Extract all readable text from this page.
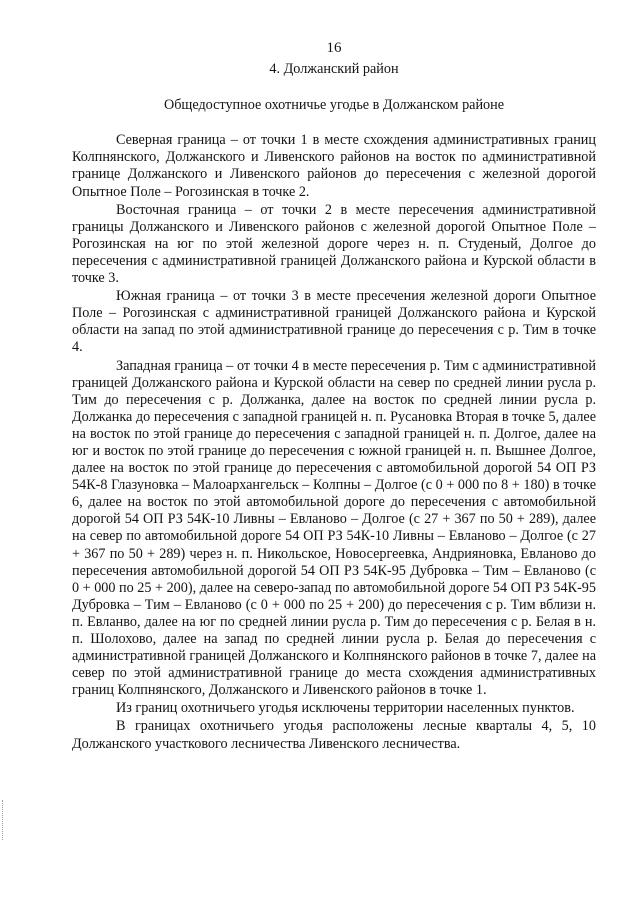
16
4. Должанский район
Общедоступное охотничье угодье в Должанском районе

Северная граница – от точки 1 в месте схождения административных границ Колпнянского, Должанского и Ливенского районов на восток по административной границе Должанского и Ливенского районов до пересечения с железной дорогой Опытное Поле – Рогозинская в точке 2.

Восточная граница – от точки 2 в месте пересечения административной границы Должанского и Ливенского районов с железной дорогой Опытное Поле – Рогозинская на юг по этой железной дороге через н. п. Студеный, Долгое до пересечения с административной границей Должанского района и Курской области в точке 3.

Южная граница – от точки 3 в месте пресечения железной дороги Опытное Поле – Рогозинская с административной границей Должанского района и Курской области на запад по этой административной границе до пересечения с р. Тим в точке 4.

Западная граница – от точки 4 в месте пересечения р. Тим с административной границей Должанского района и Курской области на север по средней линии русла р. Тим до пересечения с р. Должанка, далее на восток по средней линии русла р. Должанка до пересечения с западной границей н. п. Русановка Вторая в точке 5, далее на восток по этой границе до пересечения с западной границей н. п. Долгое, далее на юг и восток по этой границе до пересечения с южной границей н. п. Вышнее Долгое, далее на восток по этой границе до пересечения с автомобильной дорогой 54 ОП РЗ 54К-8 Глазуновка – Малоархангельск – Колпны – Долгое (с 0 + 000 по 8 + 180) в точке 6, далее на восток по этой автомобильной дороге до пересечения с автомобильной дорогой 54 ОП РЗ 54К-10 Ливны – Евланово – Долгое (с 27 + 367 по 50 + 289), далее на север по автомобильной дороге 54 ОП РЗ 54К-10 Ливны – Евланово – Долгое (с 27 + 367 по 50 + 289) через н. п. Никольское, Новосергеевка, Андрияновка, Евланово до пересечения автомобильной дорогой 54 ОП РЗ 54К-95 Дубровка – Тим – Евланово (с 0 + 000 по 25 + 200), далее на северо-запад по автомобильной дороге 54 ОП РЗ 54К-95 Дубровка – Тим – Евланово (с 0 + 000 по 25 + 200) до пересечения с р. Тим вблизи н. п. Евланво, далее на юг по средней линии русла р. Тим до пересечения с р. Белая в н. п. Шолохово, далее на запад по средней линии русла р. Белая до пересечения с административной границей Должанского и Колпнянского районов в точке 7, далее на север по этой административной границе до места схождения административных границ Колпнянского, Должанского и Ливенского районов в точке 1.

Из границ охотничьего угодья исключены территории населенных пунктов.

В границах охотничьего угодья расположены лесные кварталы 4, 5, 10 Должанского участкового лесничества Ливенского лесничества.
